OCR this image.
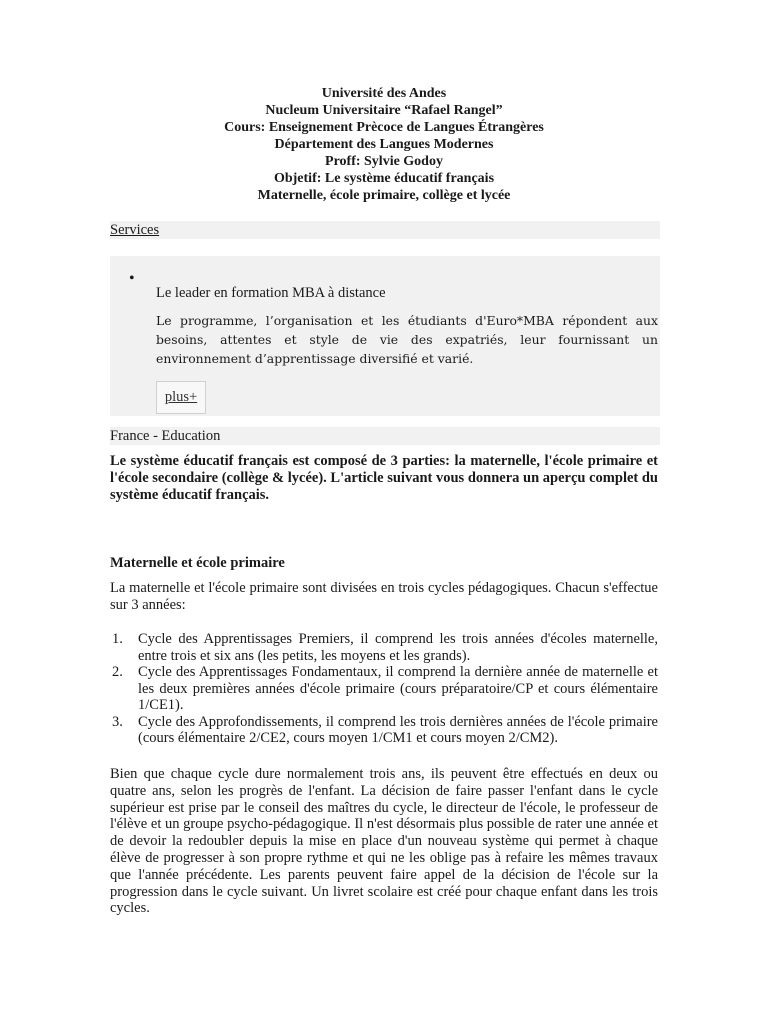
Université des Andes
Nucleum Universitaire “Rafael Rangel”
Cours: Enseignement Prècoce de Langues Étrangères
Département des Langues Modernes
Proff: Sylvie Godoy
Objetif: Le système éducatif français
Maternelle, école primaire, collège et lycée
Services
•
Le leader en formation MBA à distance
Le programme, l’organisation et les étudiants d'Euro*MBA répondent aux besoins, attentes et style de vie des expatriés, leur fournissant un environnement d’apprentissage diversifié et varié.
plus+
France - Education
Le système éducatif français est composé de 3 parties: la maternelle, l'école primaire et l'école secondaire (collège & lycée). L'article suivant vous donnera un aperçu complet du système éducatif français.
Maternelle et école primaire
La maternelle et l'école primaire sont divisées en trois cycles pédagogiques. Chacun s'effectue sur 3 années:
1. Cycle des Apprentissages Premiers, il comprend les trois années d'écoles maternelle, entre trois et six ans (les petits, les moyens et les grands).
2. Cycle des Apprentissages Fondamentaux, il comprend la dernière année de maternelle et les deux premières années d'école primaire (cours préparatoire/CP et cours élémentaire 1/CE1).
3. Cycle des Approfondissements, il comprend les trois dernières années de l'école primaire (cours élémentaire 2/CE2, cours moyen 1/CM1 et cours moyen 2/CM2).
Bien que chaque cycle dure normalement trois ans, ils peuvent être effectués en deux ou quatre ans, selon les progrès de l'enfant. La décision de faire passer l'enfant dans le cycle supérieur est prise par le conseil des maîtres du cycle, le directeur de l'école, le professeur de l'élève et un groupe psycho-pédagogique. Il n'est désormais plus possible de rater une année et de devoir la redoubler depuis la mise en place d'un nouveau système qui permet à chaque élève de progresser à son propre rythme et qui ne les oblige pas à refaire les mêmes travaux que l'année précédente. Les parents peuvent faire appel de la décision de l'école sur la progression dans le cycle suivant. Un livret scolaire est créé pour chaque enfant dans les trois cycles.
